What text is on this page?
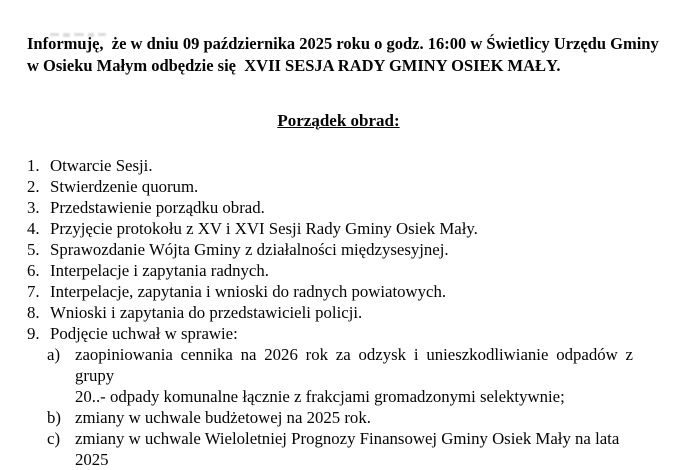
Informuję,  że w dniu 09 października 2025 roku o godz. 16:00 w Świetlicy Urzędu Gminy
w Osieku Małym odbędzie się  XVII SESJA RADY GMINY OSIEK MAŁY.
Porządek obrad:
1. Otwarcie Sesji.
2. Stwierdzenie quorum.
3. Przedstawienie porządku obrad.
4. Przyjęcie protokołu z XV i XVI Sesji Rady Gminy Osiek Mały.
5. Sprawozdanie Wójta Gminy z działalności międzysesyjnej.
6. Interpelacje i zapytania radnych.
7. Interpelacje, zapytania i wnioski do radnych powiatowych.
8. Wnioski i zapytania do przedstawicieli policji.
9. Podjęcie uchwał w sprawie:
a) zaopiniowania cennika na 2026 rok za odzysk i unieszkodliwianie odpadów z grupy
20..- odpady komunalne łącznie z frakcjami gromadzonymi selektywnie;
b) zmiany w uchwale budżetowej na 2025 rok.
c) zmiany w uchwale Wieloletniej Prognozy Finansowej Gminy Osiek Mały na lata 2025
